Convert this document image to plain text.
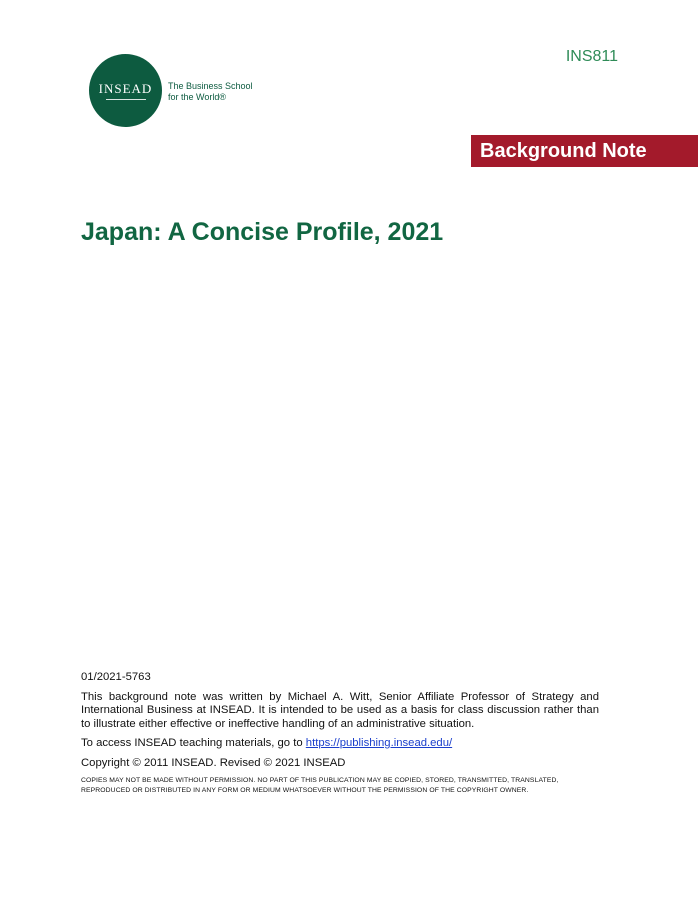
INS811
INSEAD The Business School
for the World®
Background Note
Japan: A Concise Profile, 2021

01/2021-5763

This background note was written by Michael A. Witt, Senior Affiliate Professor of Strategy and International Business at INSEAD. It is intended to be used as a basis for class discussion rather than to illustrate either effective or ineffective handling of an administrative situation.

To access INSEAD teaching materials, go to https://publishing.insead.edu/

Copyright © 2011 INSEAD. Revised © 2021 INSEAD

COPIES MAY NOT BE MADE WITHOUT PERMISSION. NO PART OF THIS PUBLICATION MAY BE COPIED, STORED, TRANSMITTED, TRANSLATED, REPRODUCED OR DISTRIBUTED IN ANY FORM OR MEDIUM WHATSOEVER WITHOUT THE PERMISSION OF THE COPYRIGHT OWNER.
